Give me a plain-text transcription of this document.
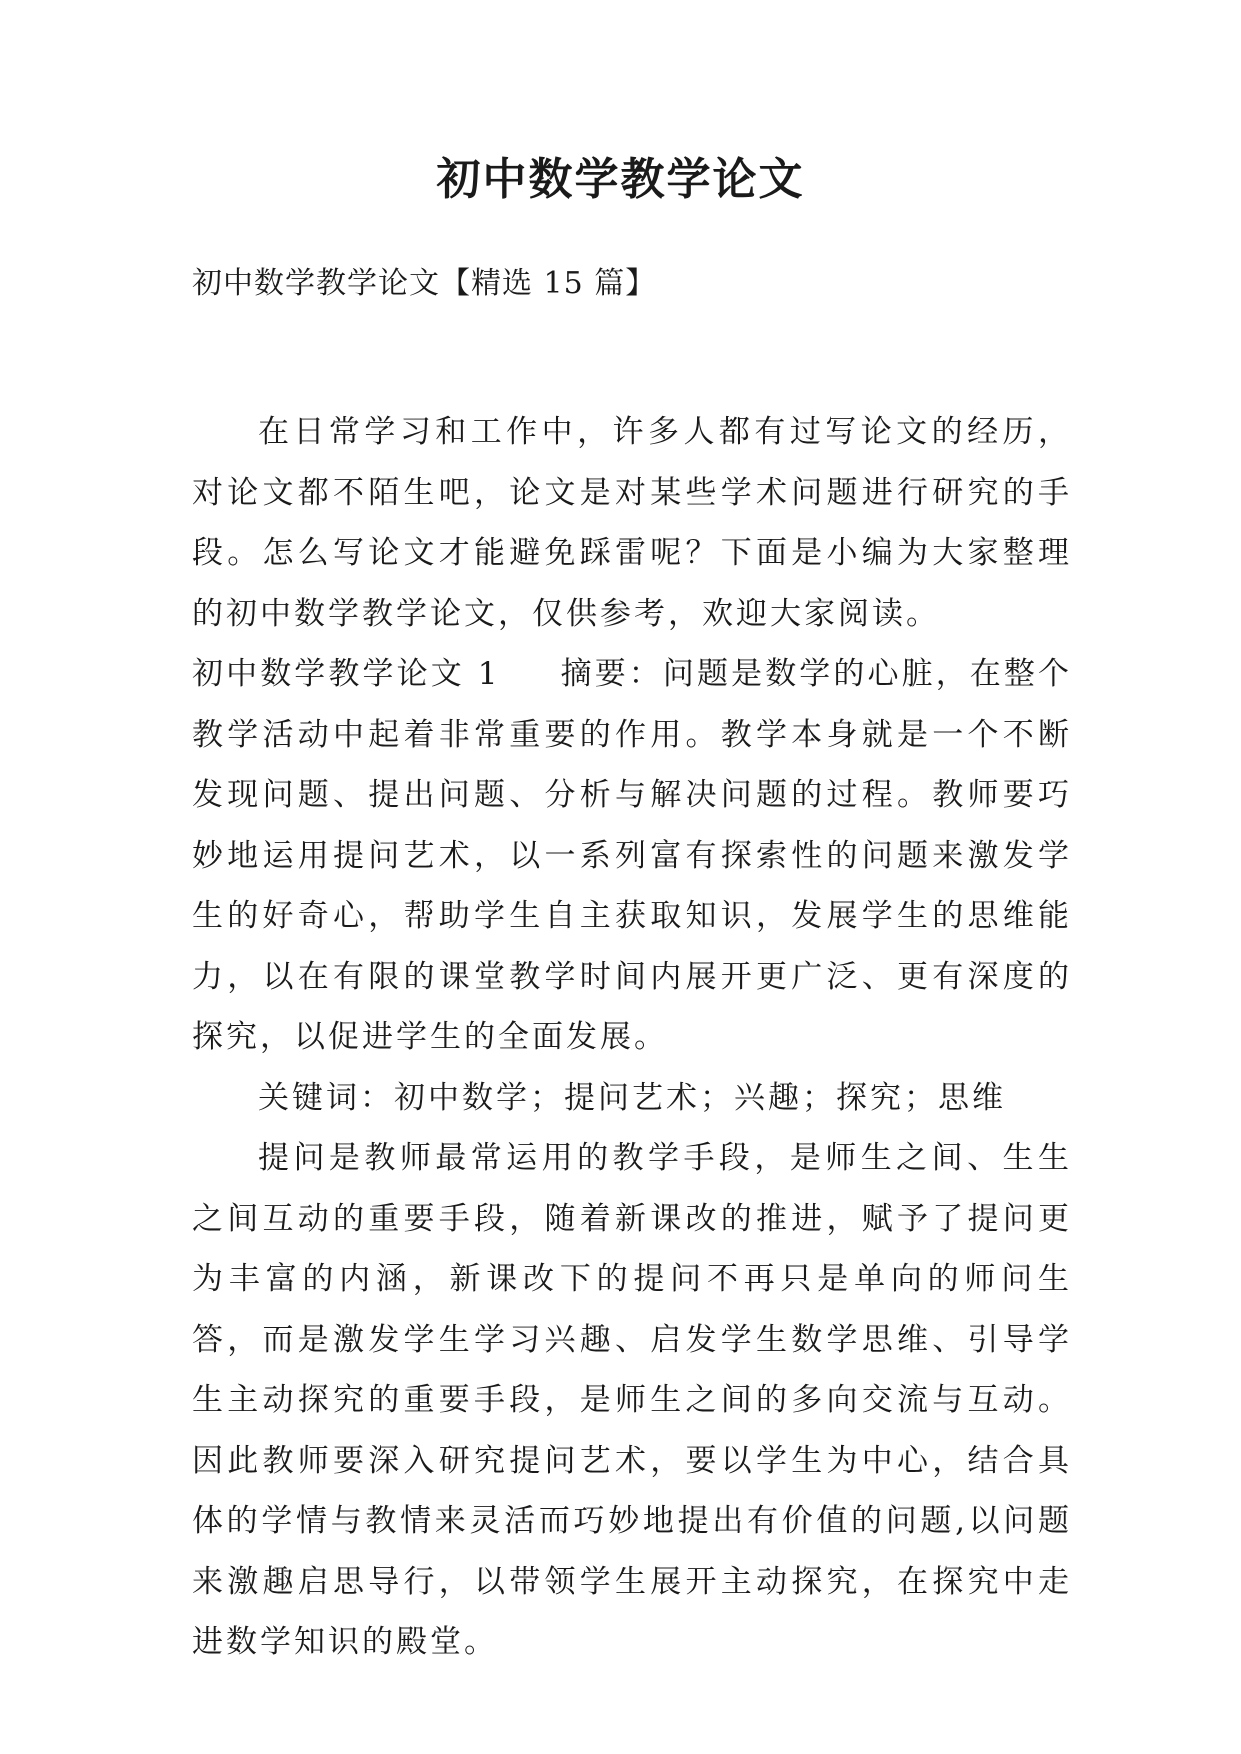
初中数学教学论文
初中数学教学论文【精选 15 篇】

在日常学习和工作中，许多人都有过写论文的经历，对论文都不陌生吧，论文是对某些学术问题进行研究的手段。怎么写论文才能避免踩雷呢？下面是小编为大家整理的初中数学教学论文，仅供参考，欢迎大家阅读。

初中数学教学论文 1 摘要：问题是数学的心脏，在整个教学活动中起着非常重要的作用。教学本身就是一个不断发现问题、提出问题、分析与解决问题的过程。教师要巧妙地运用提问艺术，以一系列富有探索性的问题来激发学生的好奇心，帮助学生自主获取知识，发展学生的思维能力，以在有限的课堂教学时间内展开更广泛、更有深度的探究，以促进学生的全面发展。

关键词：初中数学；提问艺术；兴趣；探究；思维

提问是教师最常运用的教学手段，是师生之间、生生之间互动的重要手段，随着新课改的推进，赋予了提问更为丰富的内涵，新课改下的提问不再只是单向的师问生答，而是激发学生学习兴趣、启发学生数学思维、引导学生主动探究的重要手段，是师生之间的多向交流与互动。因此教师要深入研究提问艺术，要以学生为中心，结合具体的学情与教情来灵活而巧妙地提出有价值的问题,以问题来激趣启思导行，以带领学生展开主动探究，在探究中走进数学知识的殿堂。
